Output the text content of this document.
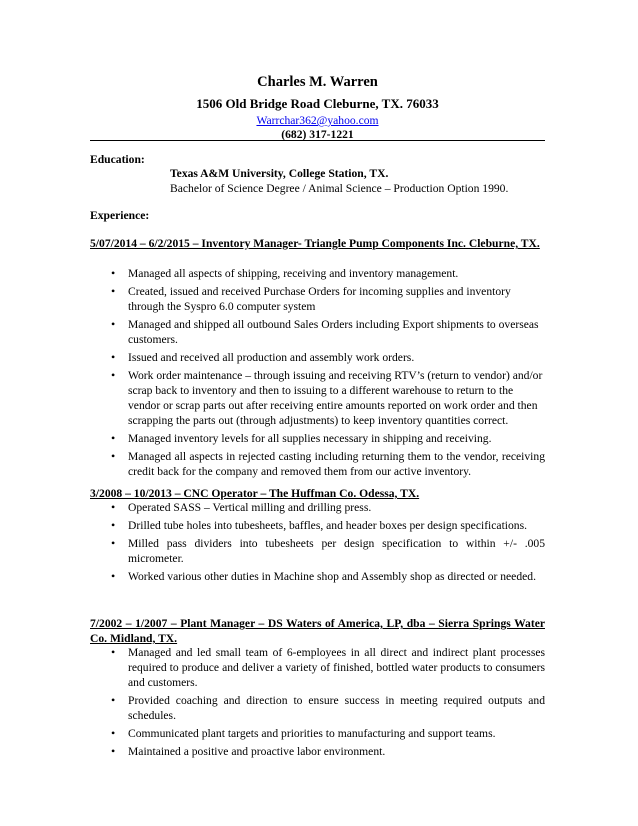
Charles M. Warren
1506 Old Bridge Road Cleburne, TX. 76033
Warrchar362@yahoo.com
(682) 317-1221
Education:
Texas A&M University, College Station, TX.
Bachelor of Science Degree / Animal Science – Production Option 1990.
Experience:
5/07/2014 – 6/2/2015 – Inventory Manager- Triangle Pump Components Inc. Cleburne, TX.
• Managed all aspects of shipping, receiving and inventory management.
• Created, issued and received Purchase Orders for incoming supplies and inventory through the Syspro 6.0 computer system
• Managed and shipped all outbound Sales Orders including Export shipments to overseas customers.
• Issued and received all production and assembly work orders.
• Work order maintenance – through issuing and receiving RTV’s (return to vendor) and/or scrap back to inventory and then to issuing to a different warehouse to return to the vendor or scrap parts out after receiving entire amounts reported on work order and then scrapping the parts out (through adjustments) to keep inventory quantities correct.
• Managed inventory levels for all supplies necessary in shipping and receiving.
• Managed all aspects in rejected casting including returning them to the vendor, receiving credit back for the company and removed them from our active inventory.
3/2008 – 10/2013 – CNC Operator – The Huffman Co. Odessa, TX.
• Operated SASS – Vertical milling and drilling press.
• Drilled tube holes into tubesheets, baffles, and header boxes per design specifications.
• Milled pass dividers into tubesheets per design specification to within +/- .005 micrometer.
• Worked various other duties in Machine shop and Assembly shop as directed or needed.
7/2002 – 1/2007 – Plant Manager – DS Waters of America, LP, dba – Sierra Springs Water Co. Midland, TX.
• Managed and led small team of 6-employees in all direct and indirect plant processes required to produce and deliver a variety of finished, bottled water products to consumers and customers.
• Provided coaching and direction to ensure success in meeting required outputs and schedules.
• Communicated plant targets and priorities to manufacturing and support teams.
• Maintained a positive and proactive labor environment.
